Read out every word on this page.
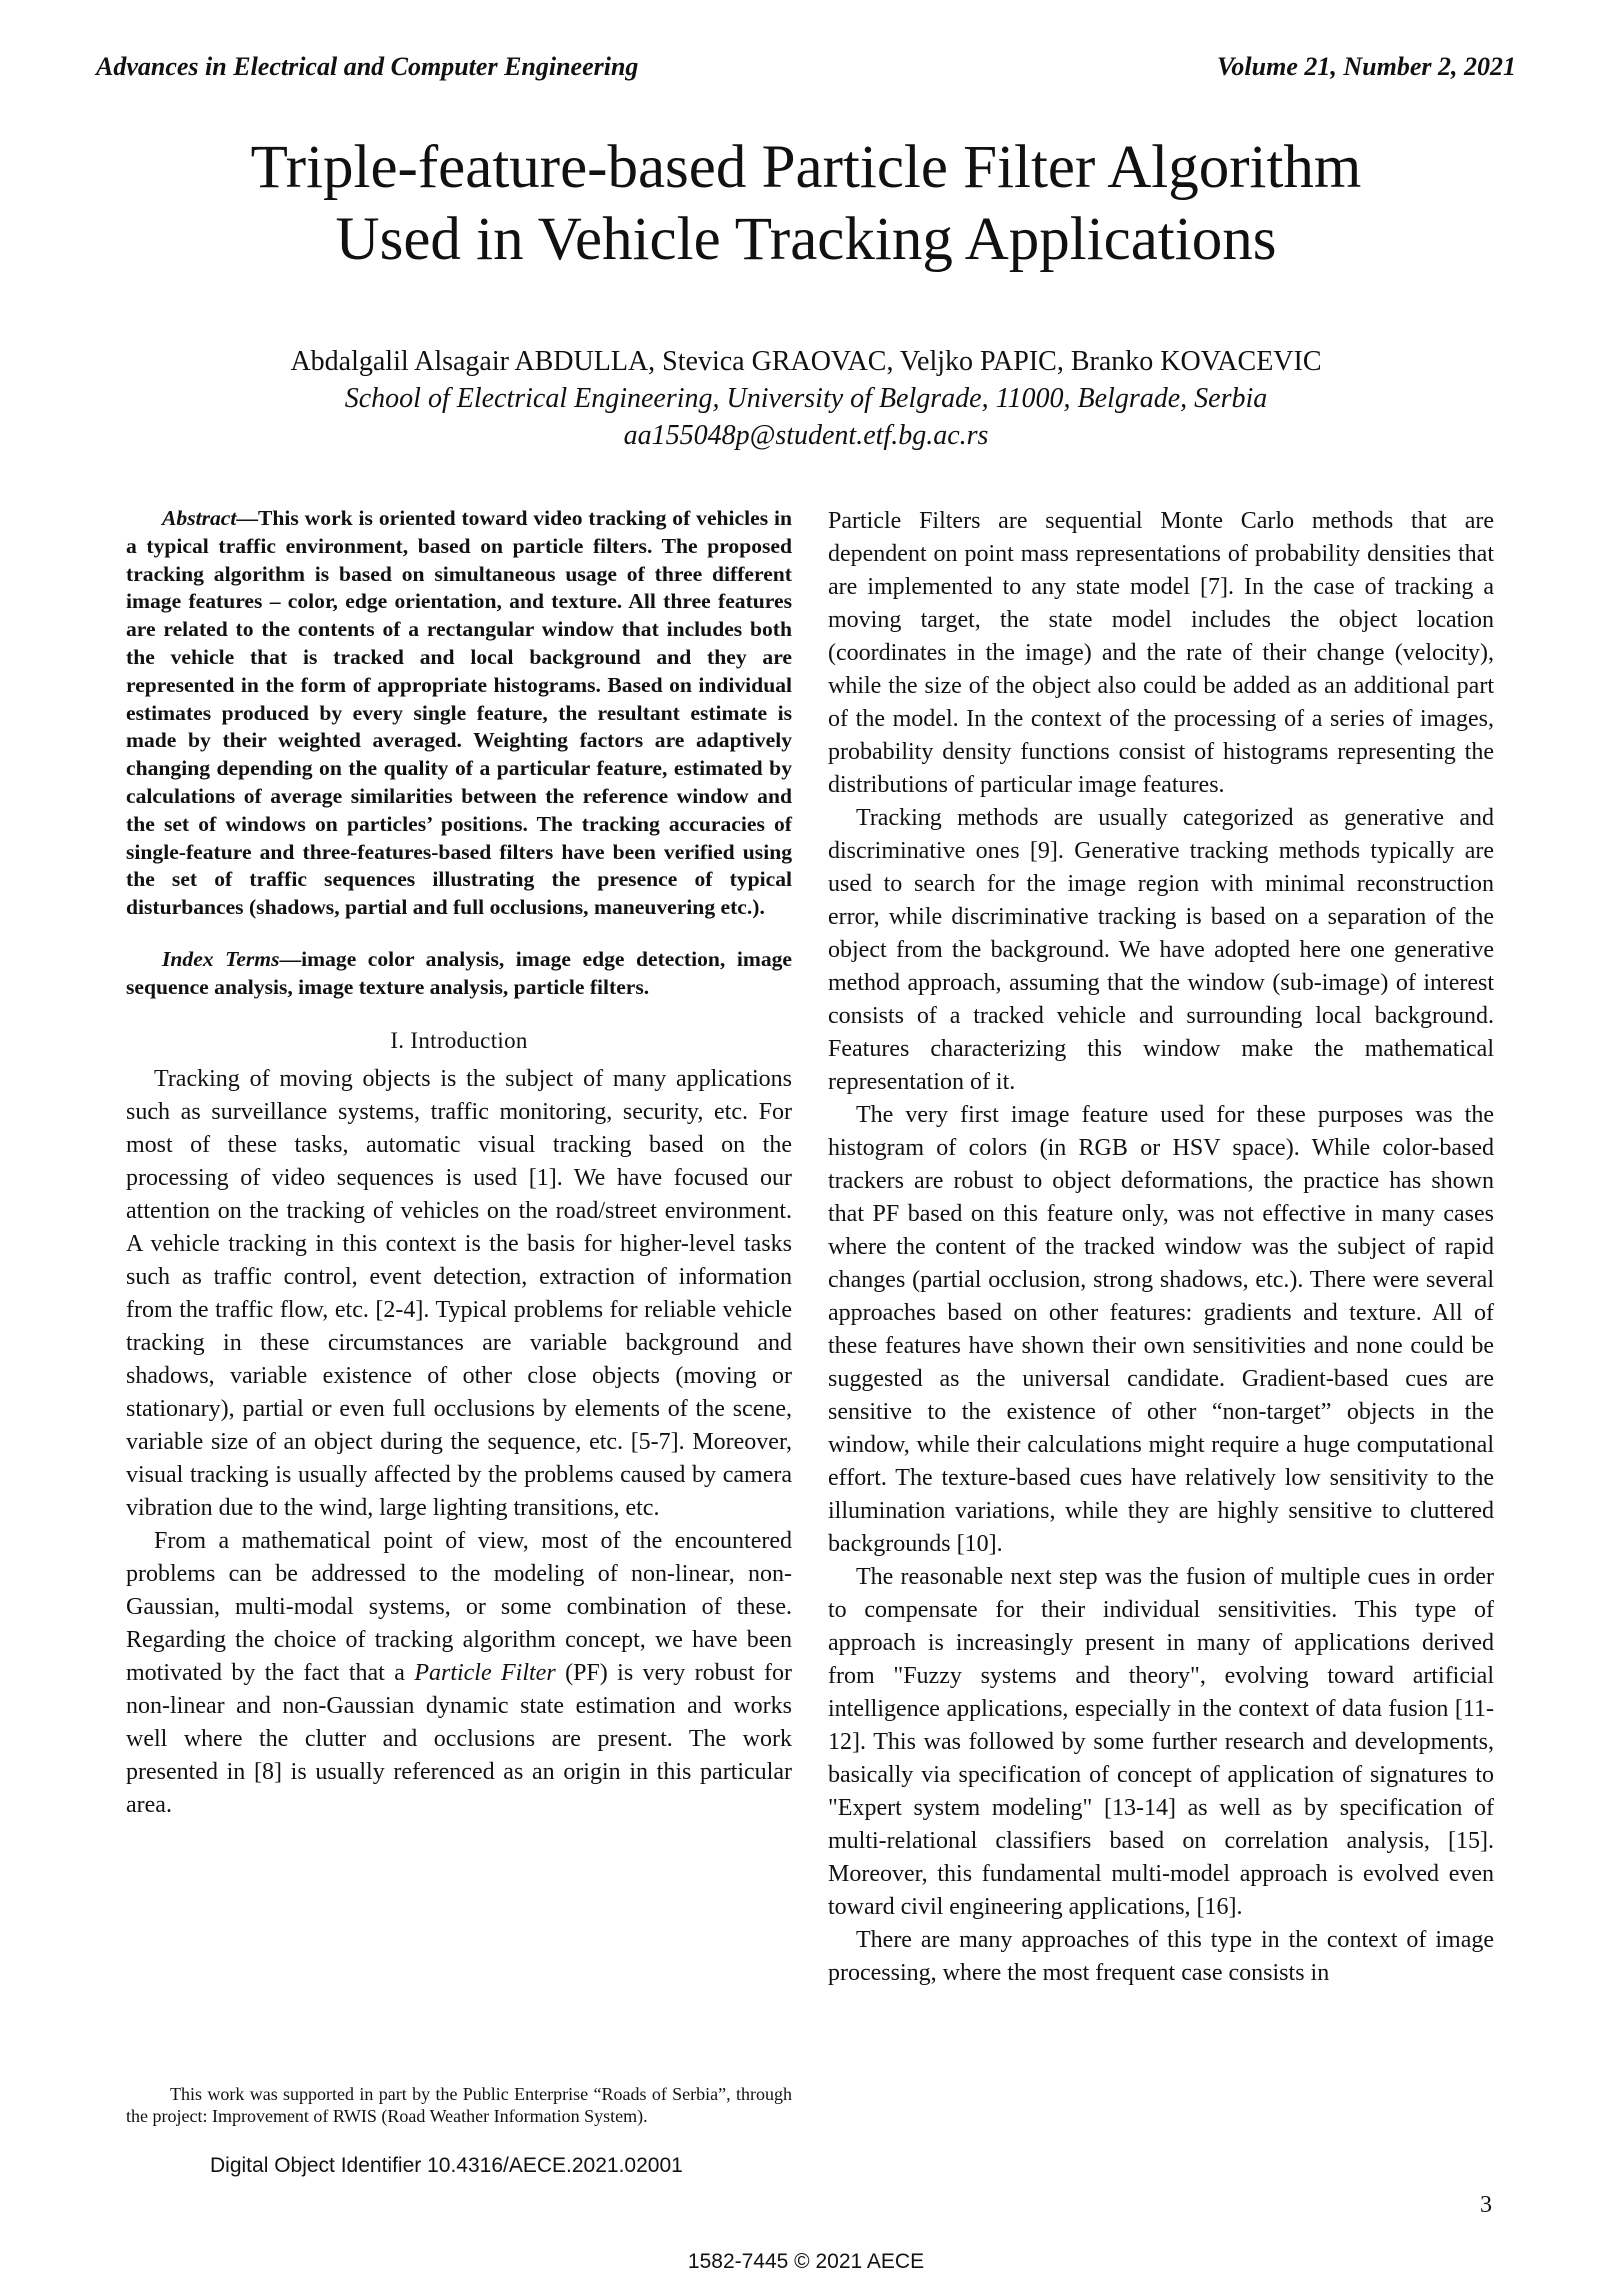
Advances in Electrical and Computer Engineering	Volume 21, Number 2, 2021
Triple-feature-based Particle Filter Algorithm
Used in Vehicle Tracking Applications
Abdalgalil Alsagair ABDULLA, Stevica GRAOVAC, Veljko PAPIC, Branko KOVACEVIC
School of Electrical Engineering, University of Belgrade, 11000, Belgrade, Serbia
aa155048p@student.etf.bg.ac.rs

Abstract—This work is oriented toward video tracking of vehicles in a typical traffic environment, based on particle filters. The proposed tracking algorithm is based on simultaneous usage of three different image features – color, edge orientation, and texture. All three features are related to the contents of a rectangular window that includes both the vehicle that is tracked and local background and they are represented in the form of appropriate histograms. Based on individual estimates produced by every single feature, the resultant estimate is made by their weighted averaged. Weighting factors are adaptively changing depending on the quality of a particular feature, estimated by calculations of average similarities between the reference window and the set of windows on particles’ positions. The tracking accuracies of single-feature and three-features-based filters have been verified using the set of traffic sequences illustrating the presence of typical disturbances (shadows, partial and full occlusions, maneuvering etc.).

Index Terms—image color analysis, image edge detection, image sequence analysis, image texture analysis, particle filters.

I. Introduction

Tracking of moving objects is the subject of many applications such as surveillance systems, traffic monitoring, security, etc. For most of these tasks, automatic visual tracking based on the processing of video sequences is used [1]. We have focused our attention on the tracking of vehicles on the road/street environment. A vehicle tracking in this context is the basis for higher-level tasks such as traffic control, event detection, extraction of information from the traffic flow, etc. [2-4]. Typical problems for reliable vehicle tracking in these circumstances are variable background and shadows, variable existence of other close objects (moving or stationary), partial or even full occlusions by elements of the scene, variable size of an object during the sequence, etc. [5-7]. Moreover, visual tracking is usually affected by the problems caused by camera vibration due to the wind, large lighting transitions, etc.

From a mathematical point of view, most of the encountered problems can be addressed to the modeling of non-linear, non-Gaussian, multi-modal systems, or some combination of these. Regarding the choice of tracking algorithm concept, we have been motivated by the fact that a Particle Filter (PF) is very robust for non-linear and non-Gaussian dynamic state estimation and works well where the clutter and occlusions are present. The work presented in [8] is usually referenced as an origin in this particular area.

Particle Filters are sequential Monte Carlo methods that are dependent on point mass representations of probability densities that are implemented to any state model [7]. In the case of tracking a moving target, the state model includes the object location (coordinates in the image) and the rate of their change (velocity), while the size of the object also could be added as an additional part of the model. In the context of the processing of a series of images, probability density functions consist of histograms representing the distributions of particular image features.

Tracking methods are usually categorized as generative and discriminative ones [9]. Generative tracking methods typically are used to search for the image region with minimal reconstruction error, while discriminative tracking is based on a separation of the object from the background. We have adopted here one generative method approach, assuming that the window (sub-image) of interest consists of a tracked vehicle and surrounding local background. Features characterizing this window make the mathematical representation of it.

The very first image feature used for these purposes was the histogram of colors (in RGB or HSV space). While color-based trackers are robust to object deformations, the practice has shown that PF based on this feature only, was not effective in many cases where the content of the tracked window was the subject of rapid changes (partial occlusion, strong shadows, etc.). There were several approaches based on other features: gradients and texture. All of these features have shown their own sensitivities and none could be suggested as the universal candidate. Gradient-based cues are sensitive to the existence of other “non-target” objects in the window, while their calculations might require a huge computational effort. The texture-based cues have relatively low sensitivity to the illumination variations, while they are highly sensitive to cluttered backgrounds [10].

The reasonable next step was the fusion of multiple cues in order to compensate for their individual sensitivities. This type of approach is increasingly present in many of applications derived from "Fuzzy systems and theory", evolving toward artificial intelligence applications, especially in the context of data fusion [11-12]. This was followed by some further research and developments, basically via specification of concept of application of signatures to "Expert system modeling" [13-14] as well as by specification of multi-relational classifiers based on correlation analysis, [15]. Moreover, this fundamental multi-model approach is evolved even toward civil engineering applications, [16].

There are many approaches of this type in the context of image processing, where the most frequent case consists in

This work was supported in part by the Public Enterprise “Roads of Serbia”, through the project: Improvement of RWIS (Road Weather Information System).

Digital Object Identifier 10.4316/AECE.2021.02001
3
1582-7445 © 2021 AECE
